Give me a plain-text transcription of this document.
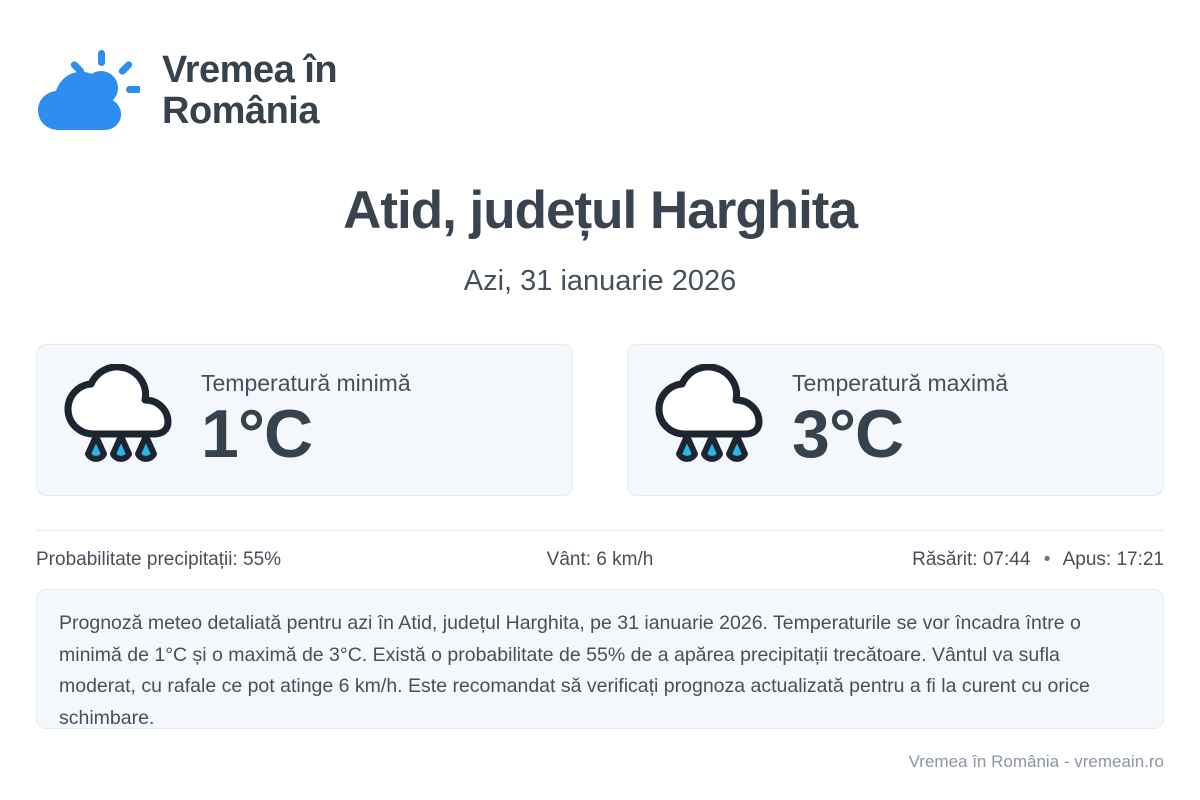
Vremea în România
Atid, județul Harghita
Azi, 31 ianuarie 2026
Temperatură minimă
1°C
Temperatură maximă
3°C
Probabilitate precipitații: 55%	Vânt: 6 km/h	Răsărit: 07:44 • Apus: 17:21
Prognoză meteo detaliată pentru azi în Atid, județul Harghita, pe 31 ianuarie 2026. Temperaturile se vor încadra între o minimă de 1°C și o maximă de 3°C. Există o probabilitate de 55% de a apărea precipitații trecătoare. Vântul va sufla moderat, cu rafale ce pot atinge 6 km/h. Este recomandat să verificați prognoza actualizată pentru a fi la curent cu orice schimbare.
Vremea în România - vremeain.ro
